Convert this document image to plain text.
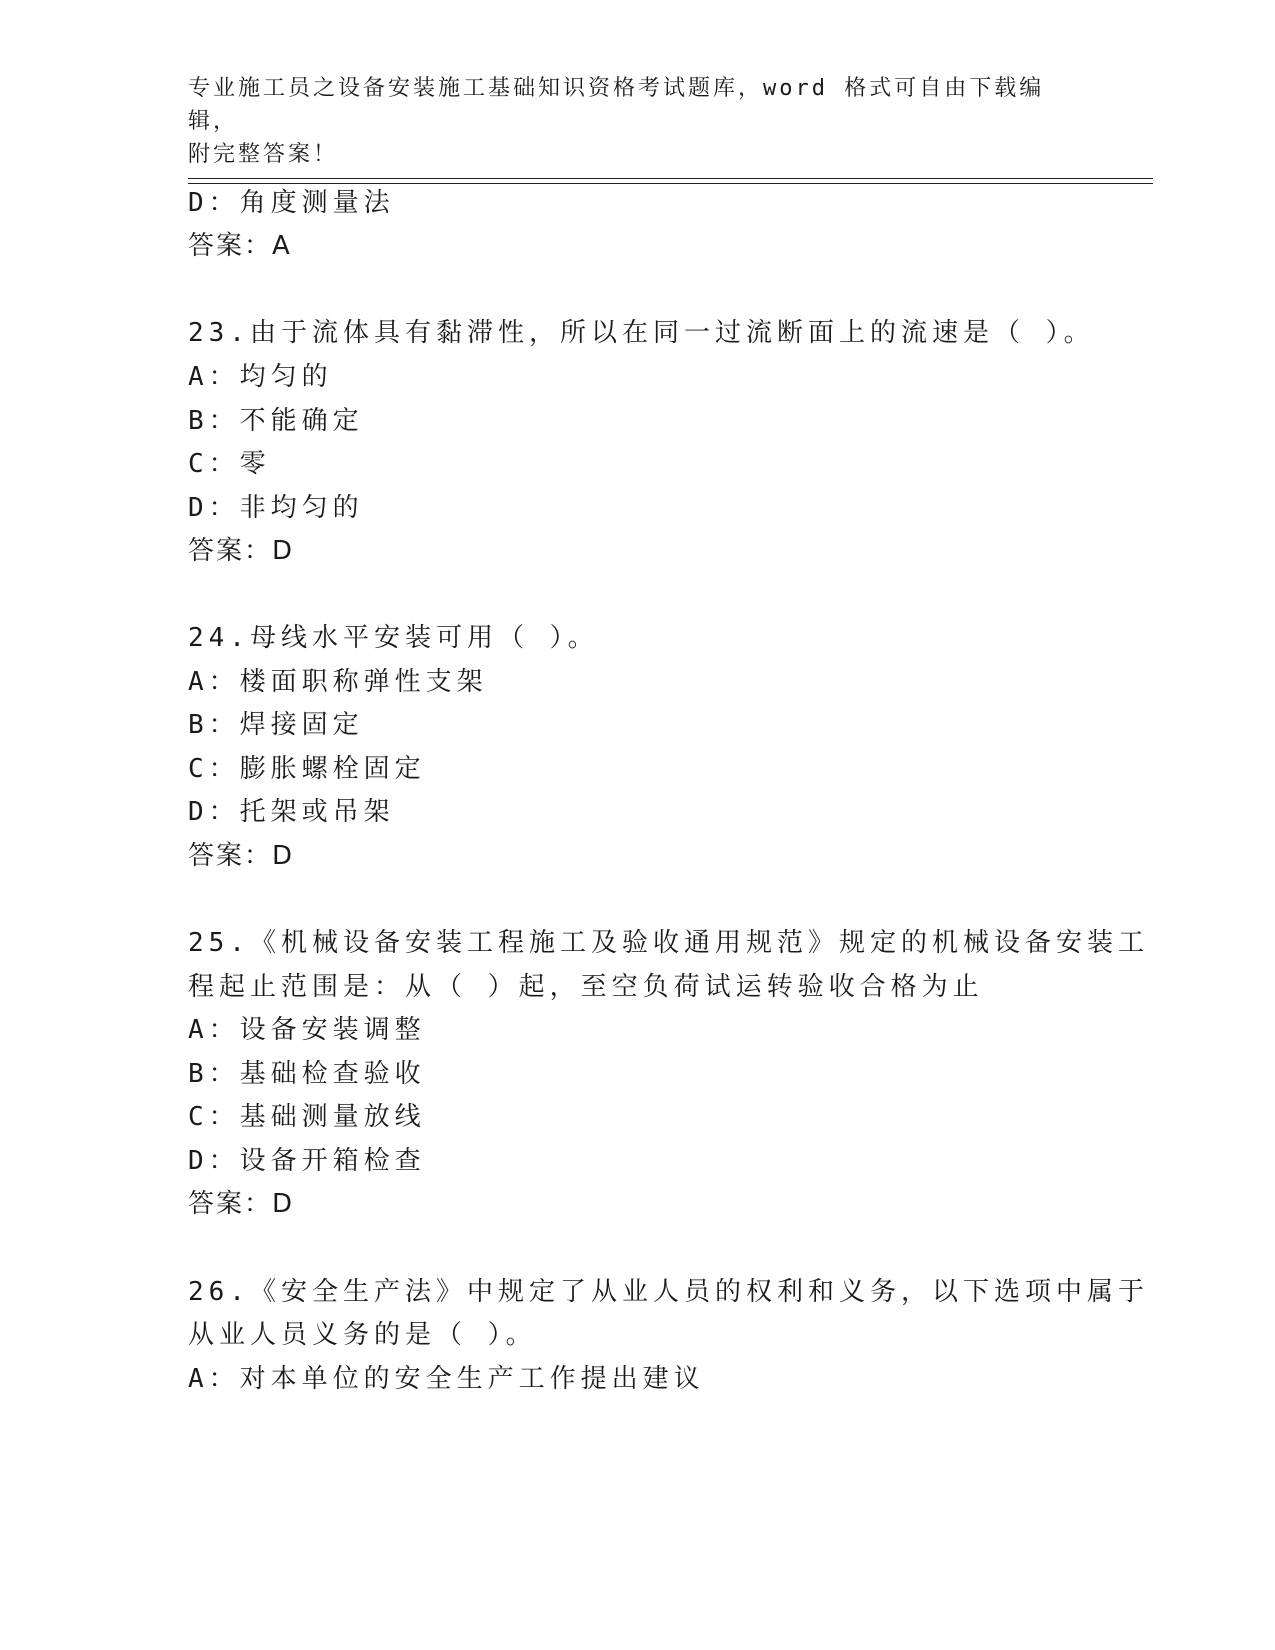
专业施工员之设备安装施工基础知识资格考试题库，word 格式可自由下载编辑，
附完整答案！
D：角度测量法
答案：A
23.由于流体具有黏滞性，所以在同一过流断面上的流速是（ ）。
A：均匀的
B：不能确定
C：零
D：非均匀的
答案：D
24.母线水平安装可用（ ）。
A：楼面职称弹性支架
B：焊接固定
C：膨胀螺栓固定
D：托架或吊架
答案：D
25.《机械设备安装工程施工及验收通用规范》规定的机械设备安装工
程起止范围是：从（ ）起，至空负荷试运转验收合格为止
A：设备安装调整
B：基础检查验收
C：基础测量放线
D：设备开箱检查
答案：D
26.《安全生产法》中规定了从业人员的权利和义务，以下选项中属于
从业人员义务的是（ ）。
A：对本单位的安全生产工作提出建议
